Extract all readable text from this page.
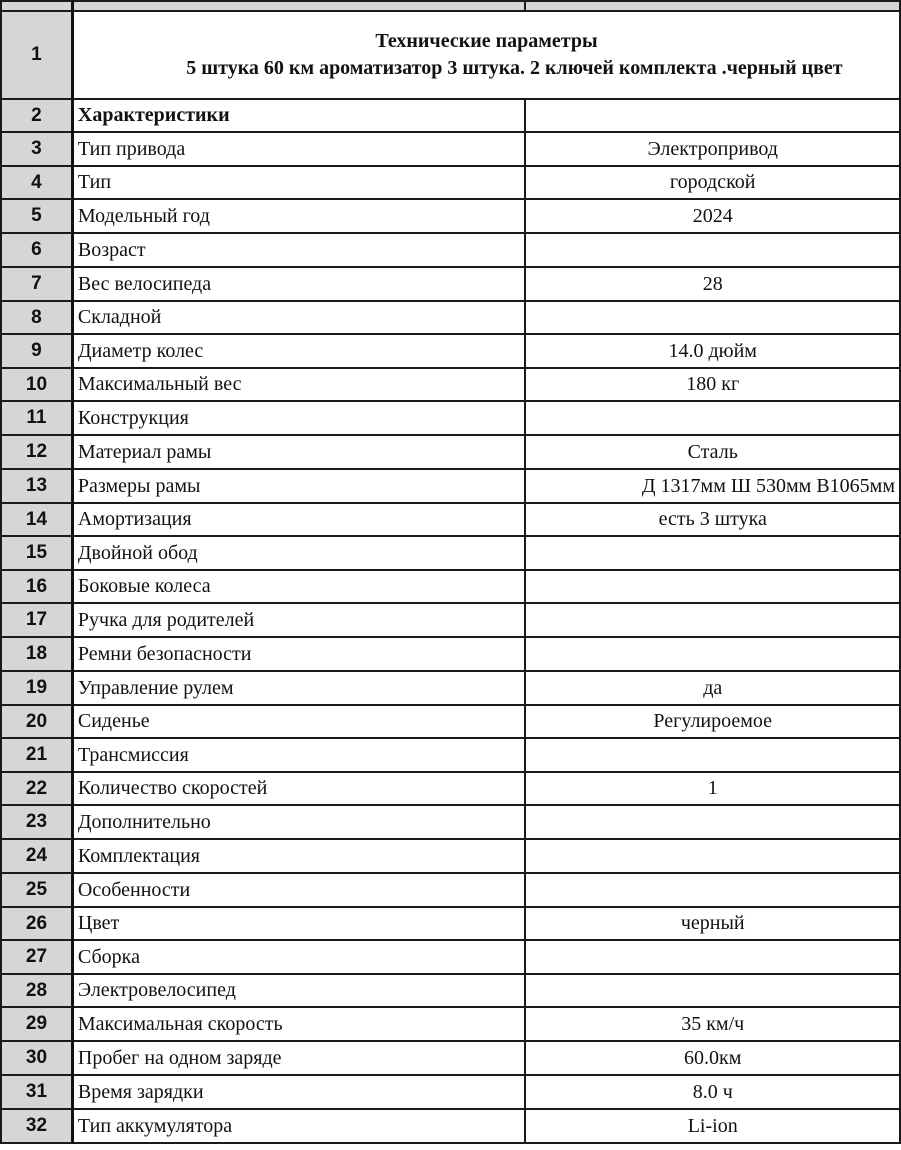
1	Технические параметры
5 штука 60 км ароматизатор 3 штука. 2 ключей комплекта .черный цвет	

2	Характеристики	
3	Тип привода	Электропривод
4	Тип	городской
5	Модельный год	2024
6	Возраст	
7	Вес велосипеда	28
8	Складной	
9	Диаметр колес	14.0 дюйм
10	Максимальный вес	180 кг
11	Конструкция	
12	Материал рамы	Сталь
13	Размеры рамы	Д 1317мм Ш 530мм В1065мм
14	Амортизация	есть 3 штука
15	Двойной обод	
16	Боковые колеса	
17	Ручка для родителей	
18	Ремни безопасности	
19	Управление рулем	да
20	Сиденье	Регулироемое
21	Трансмиссия	
22	Количество скоростей	1
23	Дополнительно	
24	Комплектация	
25	Особенности	
26	Цвет	черный
27	Сборка	
28	Электровелосипед	
29	Максимальная скорость	35 км/ч
30	Пробег на одном заряде	60.0км
31	Время зарядки	8.0 ч
32	Тип аккумулятора	Li-ion
